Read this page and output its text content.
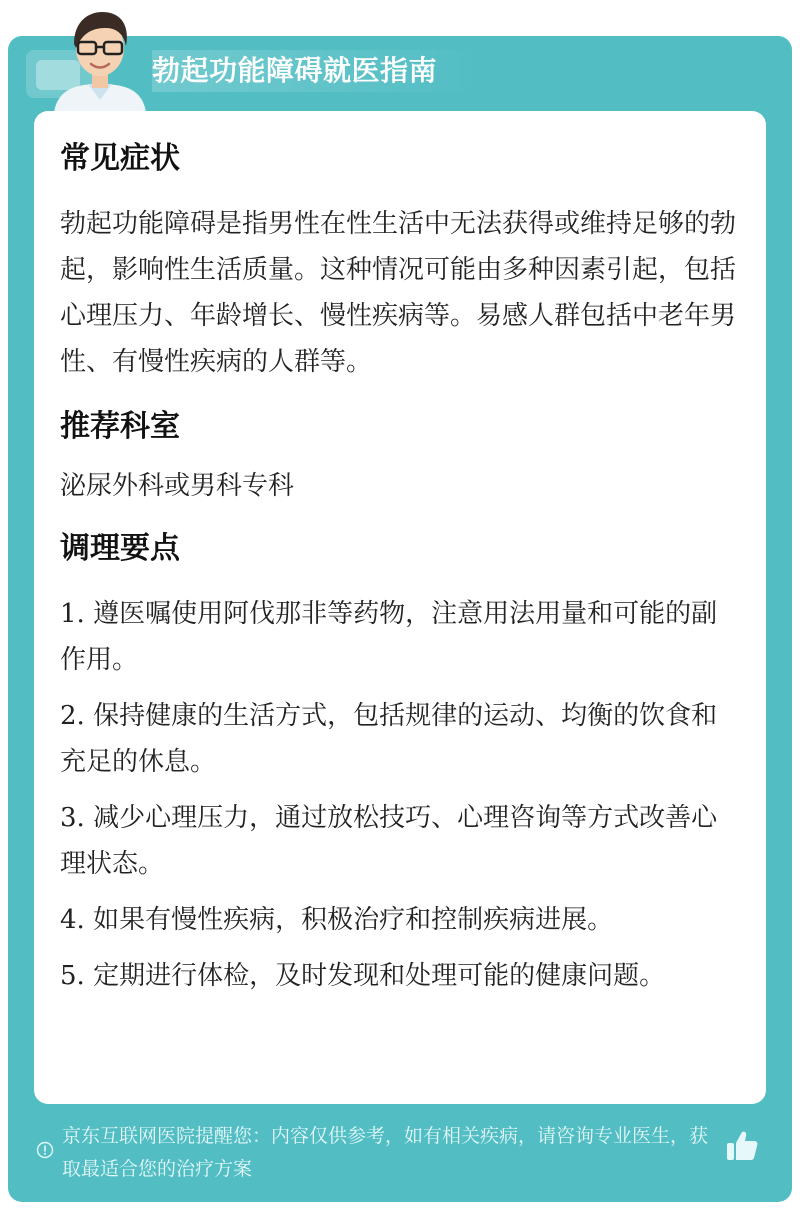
勃起功能障碍就医指南
常见症状

勃起功能障碍是指男性在性生活中无法获得或维持足够的勃起，影响性生活质量。这种情况可能由多种因素引起，包括心理压力、年龄增长、慢性疾病等。易感人群包括中老年男性、有慢性疾病的人群等。

推荐科室

泌尿外科或男科专科

调理要点

1. 遵医嘱使用阿伐那非等药物，注意用法用量和可能的副作用。

2. 保持健康的生活方式，包括规律的运动、均衡的饮食和充足的休息。

3. 减少心理压力，通过放松技巧、心理咨询等方式改善心理状态。

4. 如果有慢性疾病，积极治疗和控制疾病进展。

5. 定期进行体检，及时发现和处理可能的健康问题。

京东互联网医院提醒您：内容仅供参考，如有相关疾病，请咨询专业医生，获取最适合您的治疗方案
